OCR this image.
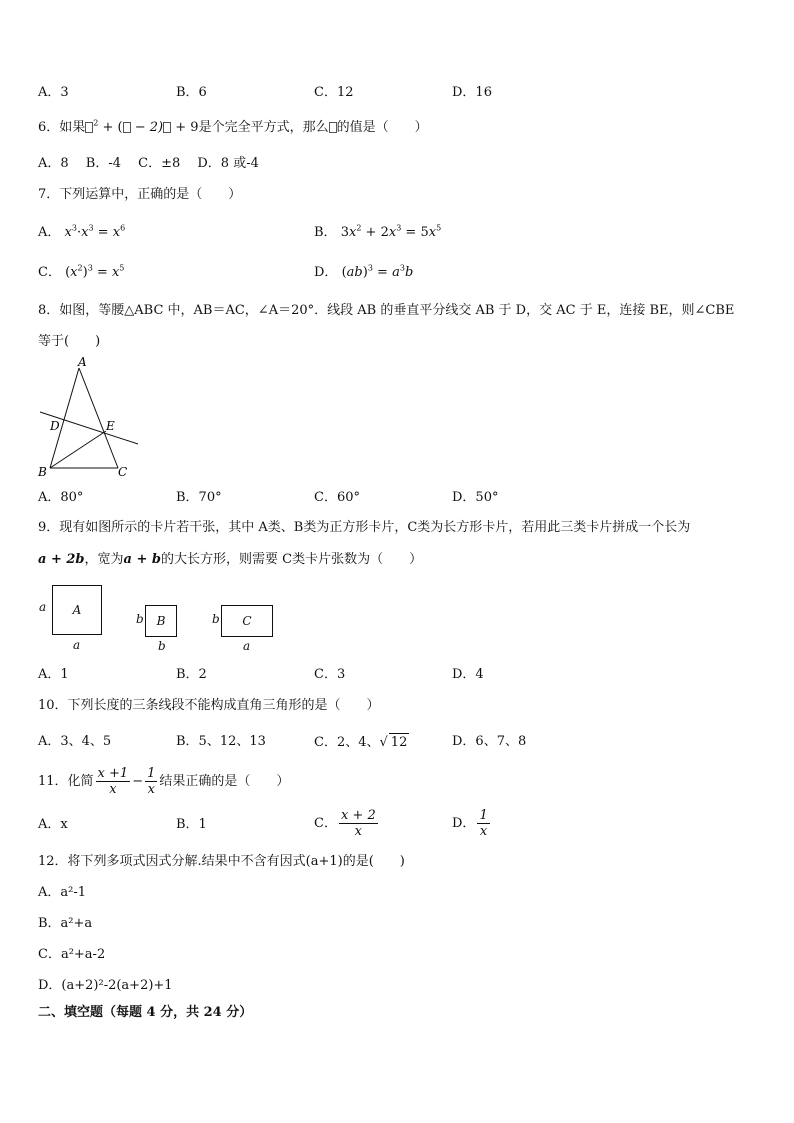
A．3	B．6	C．12	D．16
6．如果 $^2$ + ( − 2) + 9是个完全平方式，那么 的值是（　　）
A．8　 B．-4　 C．±8　 D．8 或-4
7．下列运算中，正确的是（　　）
A． $x^3\cdot x^3 = x^6$	B． $3x^2 + 2x^3 = 5x^5$
C． $(x^2)^3 = x^5$	D． $(ab)^3 = a^3b$
8．如图，等腰△ABC 中，AB＝AC，∠A＝20°．线段 AB 的垂直平分线交 AB 于 D，交 AC 于 E，连接 BE，则∠CBE
等于(　　)
A
D	E
B	C
A．80°	B．70°	C．60°	D．50°
9．现有如图所示的卡片若干张，其中 A类、B类为正方形卡片，C类为长方形卡片，若用此三类卡片拼成一个长为
a + 2b，宽为a + b的大长方形，则需要 C类卡片张数为（　　）
a	A
a
b	B
b
b	C
a
A．1	B．2	C．3	D．4
10．下列长度的三条线段不能构成直角三角形的是（　　）
A．3、4、5	B．5、12、13	C．2、4、√ 12	D．6、7、8
11．化简 $\frac{x +1}{x} - \frac{1}{x}$ 结果正确的是（　　）
A．x	B．1	C． $\frac{x + 2}{x}$	D． $\frac{1}{x}$
12．将下列多项式因式分解.结果中不含有因式(a+1)的是(　　)
A．a²-1
B．a²+a
C．a²+a-2
D．(a+2)²-2(a+2)+1
二、填空题（每题 4 分，共 24 分）
